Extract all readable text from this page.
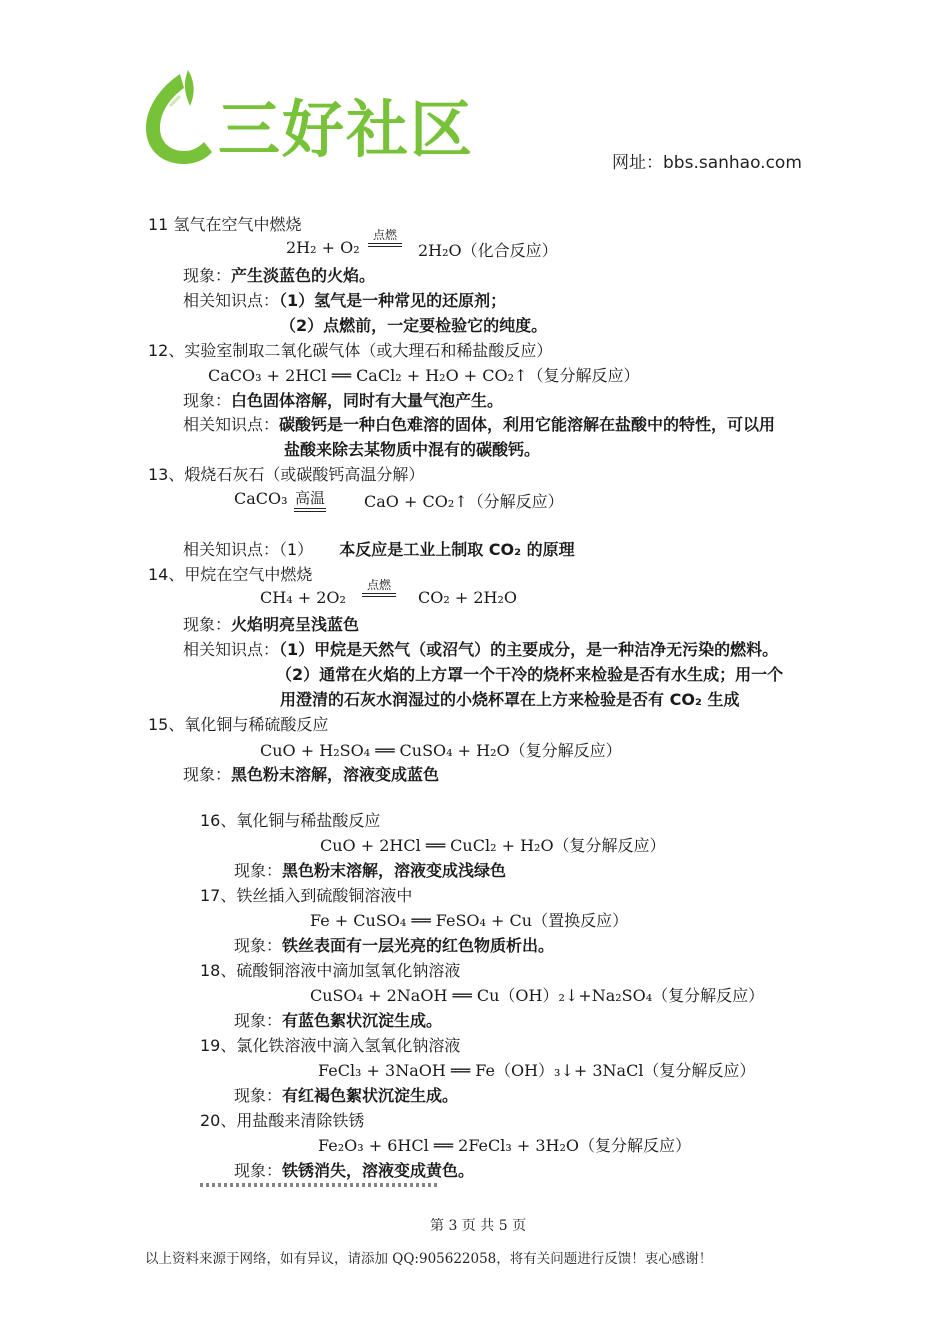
三好社区	网址：bbs.sanhao.com
11 氢气在空气中燃烧
2H₂ + O₂
点燃
2H₂O（化合反应）
现象：产生淡蓝色的火焰。
相关知识点：（1）氢气是一种常见的还原剂；
（2）点燃前，一定要检验它的纯度。
12、实验室制取二氧化碳气体（或大理石和稀盐酸反应）
CaCO₃ + 2HCl ══ CaCl₂ + H₂O + CO₂↑（复分解反应）
现象：白色固体溶解，同时有大量气泡产生。
相关知识点：碳酸钙是一种白色难溶的固体，利用它能溶解在盐酸中的特性，可以用
盐酸来除去某物质中混有的碳酸钙。
13、煅烧石灰石（或碳酸钙高温分解）
CaCO₃ 高温 CaO + CO₂↑（分解反应）
相关知识点：（1） 本反应是工业上制取 CO₂ 的原理
14、甲烷在空气中燃烧
CH₄ + 2O₂
点燃
CO₂ + 2H₂O
现象：火焰明亮呈浅蓝色
相关知识点：（1）甲烷是天然气（或沼气）的主要成分，是一种洁净无污染的燃料。
（2）通常在火焰的上方罩一个干冷的烧杯来检验是否有水生成；用一个
用澄清的石灰水润湿过的小烧杯罩在上方来检验是否有 CO₂ 生成
15、氧化铜与稀硫酸反应
CuO + H₂SO₄ ══ CuSO₄ + H₂O（复分解反应）
现象：黑色粉末溶解，溶液变成蓝色
16、氧化铜与稀盐酸反应
CuO + 2HCl ══ CuCl₂ + H₂O（复分解反应）
现象：黑色粉末溶解，溶液变成浅绿色
17、铁丝插入到硫酸铜溶液中
Fe + CuSO₄ ══ FeSO₄ + Cu（置换反应）
现象：铁丝表面有一层光亮的红色物质析出。
18、硫酸铜溶液中滴加氢氧化钠溶液
CuSO₄ + 2NaOH ══ Cu（OH）₂↓+Na₂SO₄（复分解反应）
现象：有蓝色絮状沉淀生成。
19、氯化铁溶液中滴入氢氧化钠溶液
FeCl₃ + 3NaOH ══ Fe（OH）₃↓+ 3NaCl（复分解反应）
现象：有红褐色絮状沉淀生成。
20、用盐酸来清除铁锈
Fe₂O₃ + 6HCl ══ 2FeCl₃ + 3H₂O（复分解反应）
现象：铁锈消失，溶液变成黄色。
第 3 页 共 5 页
以上资料来源于网络，如有异议，请添加 QQ:905622058，将有关问题进行反馈！衷心感谢！
